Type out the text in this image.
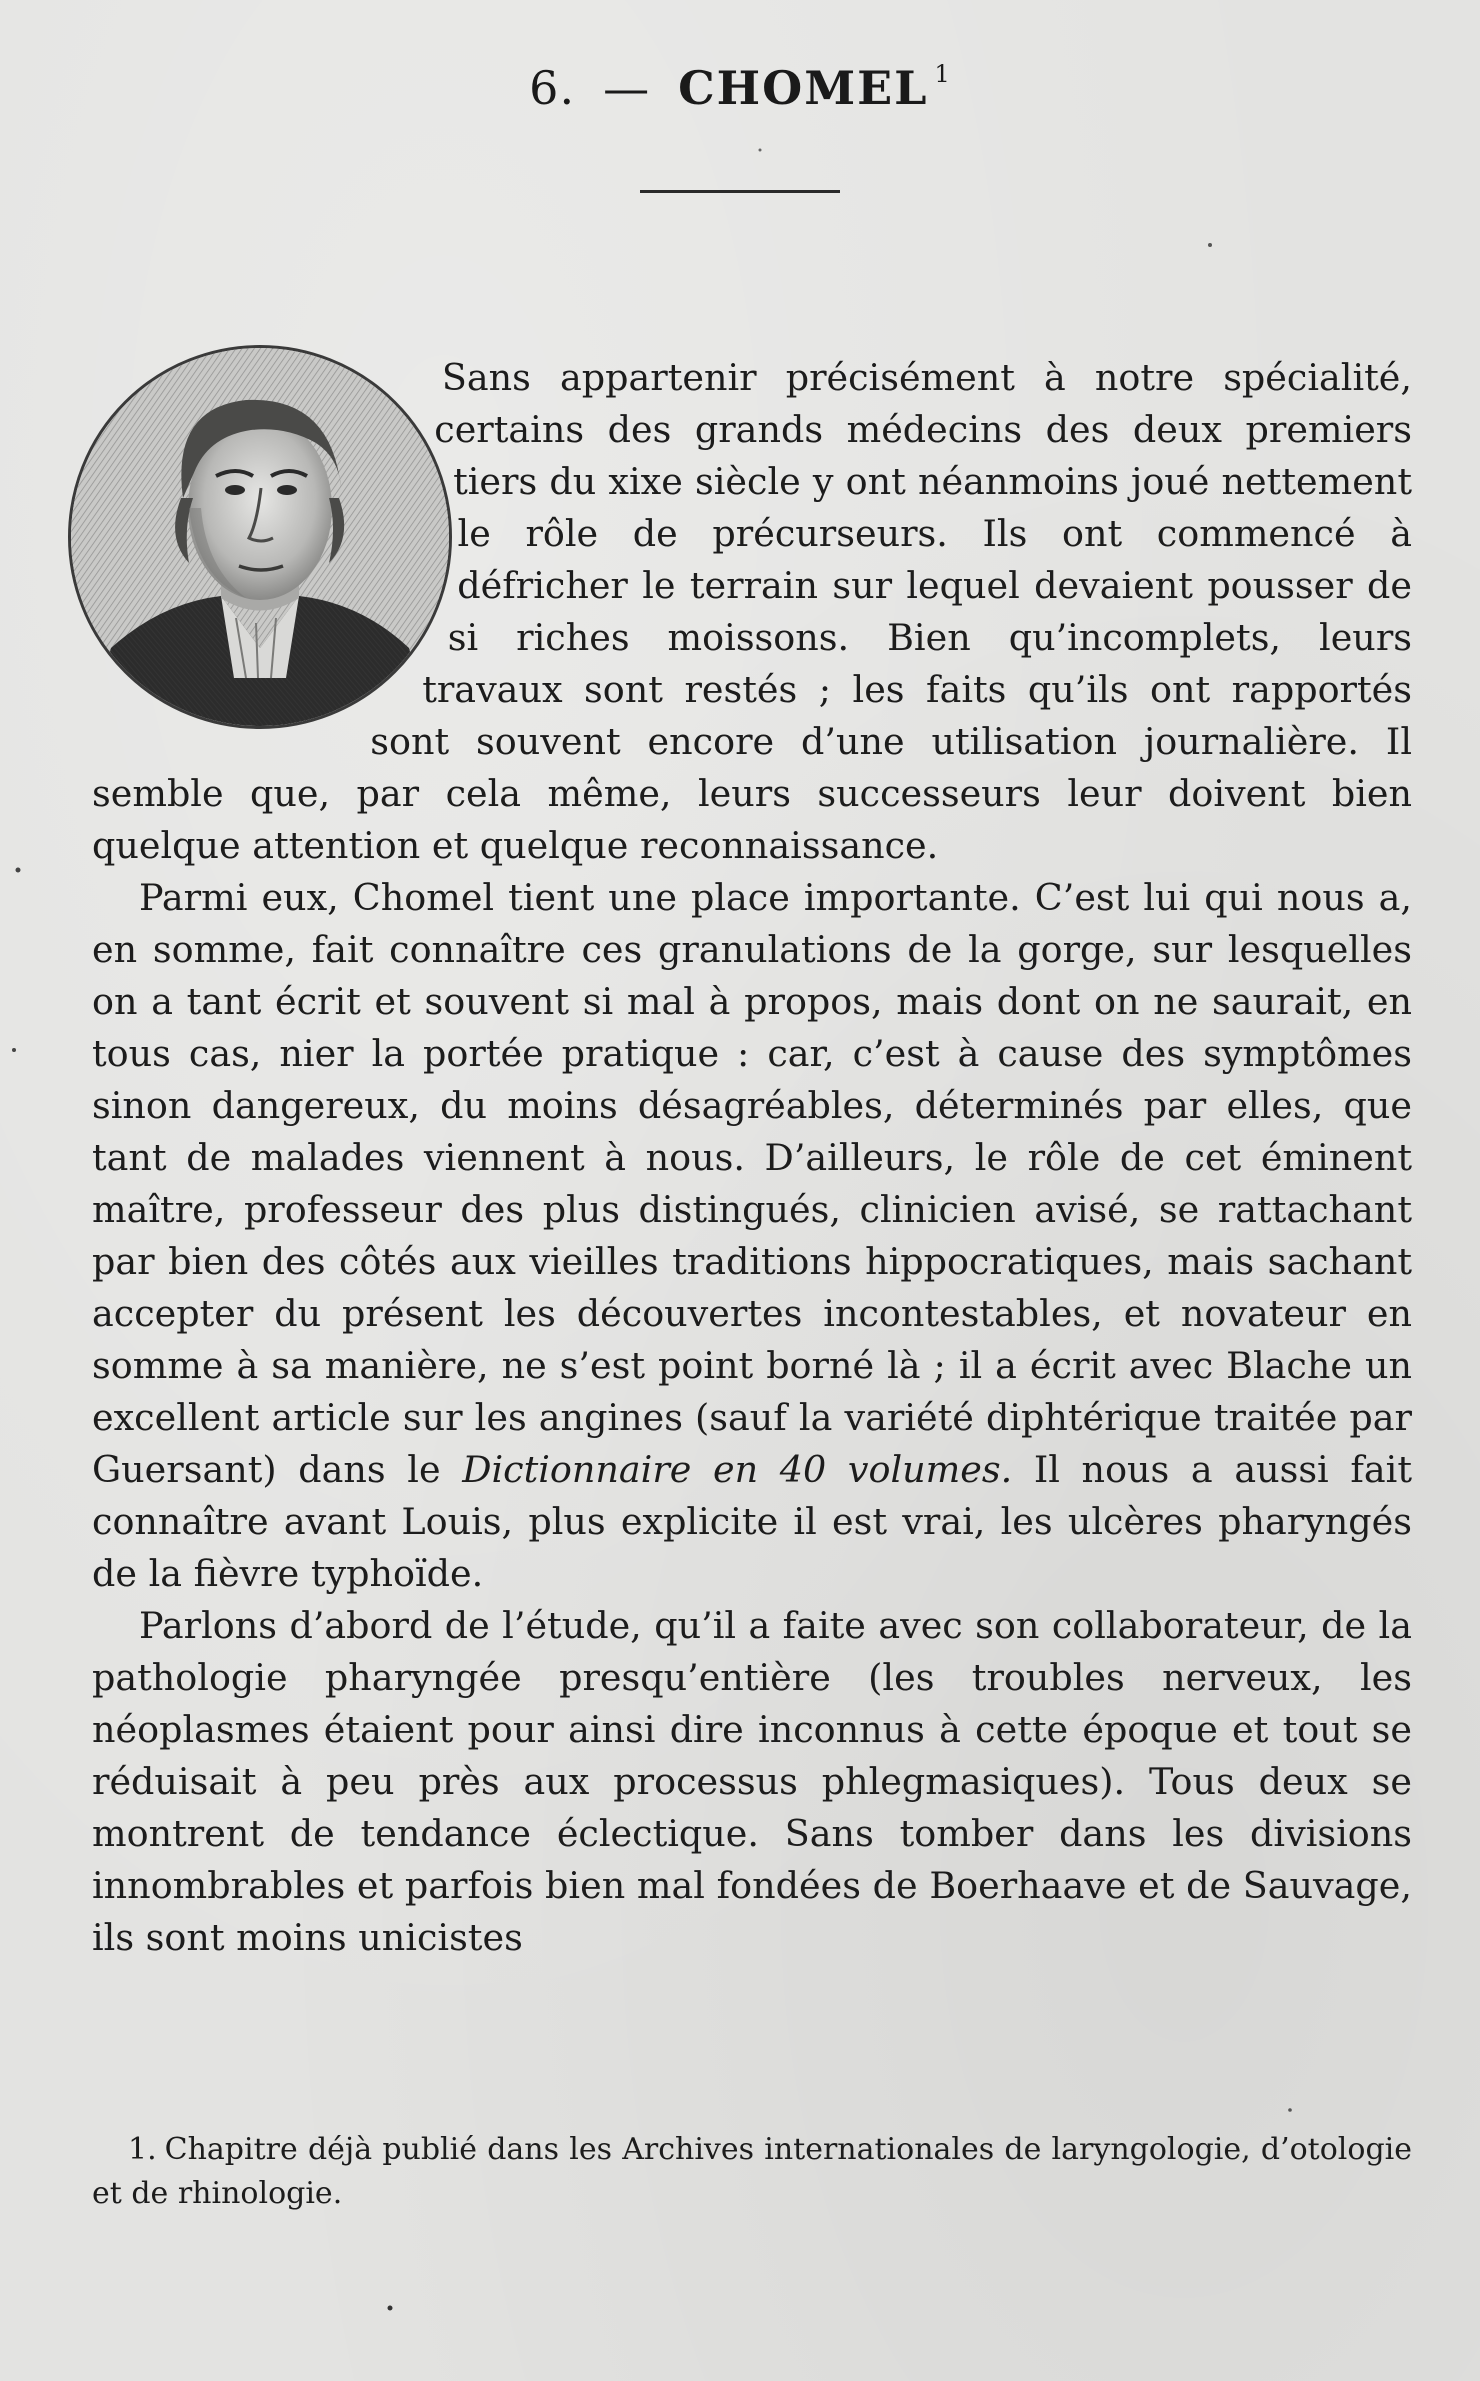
6. — CHOMEL $^1$

Sans appartenir précisément à notre spécialité, certains des grands médecins des deux premiers tiers du xixe siècle y ont néanmoins joué nettement le rôle de précurseurs. Ils ont commencé à défricher le terrain sur lequel devaient pousser de si riches moissons. Bien qu’incomplets, leurs travaux sont restés ; les faits qu’ils ont rapportés sont souvent encore d’une utilisation journalière. Il semble que, par cela même, leurs successeurs leur doivent bien quelque attention et quelque reconnaissance.

Parmi eux, Chomel tient une place importante. C’est lui qui nous a, en somme, fait connaître ces granulations de la gorge, sur lesquelles on a tant écrit et souvent si mal à propos, mais dont on ne saurait, en tous cas, nier la portée pratique : car, c’est à cause des symptômes sinon dangereux, du moins désagréables, déterminés par elles, que tant de malades viennent à nous. D’ailleurs, le rôle de cet éminent maître, professeur des plus distingués, clinicien avisé, se rattachant par bien des côtés aux vieilles traditions hippocratiques, mais sachant accepter du présent les découvertes incontestables, et novateur en somme à sa manière, ne s’est point borné là ; il a écrit avec Blache un excellent article sur les angines (sauf la variété diphtérique traitée par Guersant) dans le Dictionnaire en 40 volumes. Il nous a aussi fait connaître avant Louis, plus explicite il est vrai, les ulcères pharyngés de la fièvre typhoïde.

Parlons d’abord de l’étude, qu’il a faite avec son collaborateur, de la pathologie pharyngée presqu’entière (les troubles nerveux, les néoplasmes étaient pour ainsi dire inconnus à cette époque et tout se réduisait à peu près aux processus phlegmasiques). Tous deux se montrent de tendance éclectique. Sans tomber dans les divisions innombrables et parfois bien mal fondées de Boerhaave et de Sauvage, ils sont moins unicistes

1. Chapitre déjà publié dans les Archives internationales de laryngologie, d’otologie et de rhinologie.
